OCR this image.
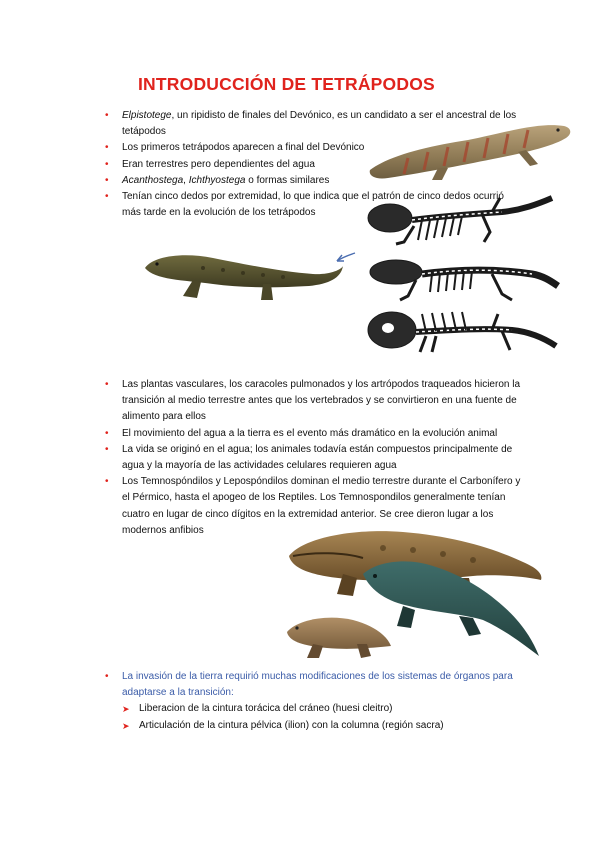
INTRODUCCIÓN DE TETRÁPODOS
• Elpistotege, un ripidisto de finales del Devónico, es un candidato a ser el ancestral de los tetápodos
• Los primeros tetrápodos aparecen a final del Devónico
• Eran terrestres pero dependientes del agua
• Acanthostega, Ichthyostega o formas similares
• Tenían cinco dedos por extremidad, lo que indica que el patrón de cinco dedos ocurrió más tarde en la evolución de los tetrápodos
• Las plantas vasculares, los caracoles pulmonados y los artrópodos traqueados hicieron la transición al medio terrestre antes que los vertebrados y se convirtieron en una fuente de alimento para ellos
• El movimiento del agua a la tierra es el evento más dramático en la evolución animal
• La vida se originó en el agua; los animales todavía están compuestos principalmente de agua y la mayoría de las actividades celulares requieren agua
• Los Temnospóndilos y Lepospóndilos dominan el medio terrestre durante el Carbonífero y el Pérmico, hasta el apogeo de los Reptiles. Los Temnospondilos generalmente tenían cuatro en lugar de cinco dígitos en la extremidad anterior. Se cree dieron lugar a los modernos anfibios
• La invasión de la tierra requirió muchas modificaciones de los sistemas de órganos para adaptarse a la transición:
➤ Liberacion de la cintura torácica del cráneo (huesi cleitro)
➤ Articulación de la cintura pélvica (ilion) con la columna (región sacra)
